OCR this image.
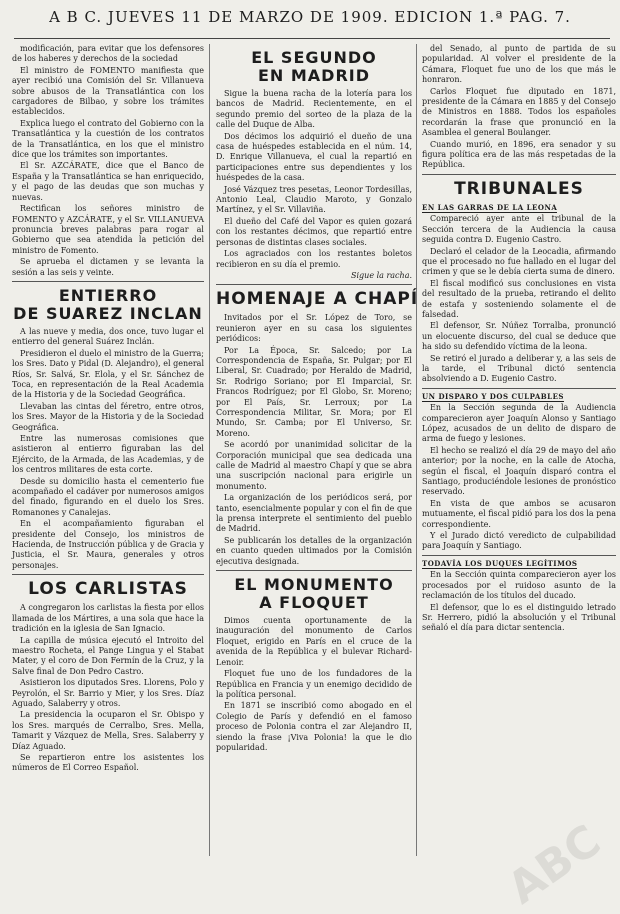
A B C. JUEVES 11 DE MARZO DE 1909. EDICION 1.ª PAG. 7.

modificación, para evitar que los defensores de los haberes y derechos de la sociedad

El ministro de FOMENTO manifiesta que ayer recibió una Comisión del Sr. Villanueva sobre abusos de la Transatlántica con los cargadores de Bilbao, y sobre los trámites establecidos.

Explica luego el contrato del Gobierno con la Transatlántica y la cuestión de los contratos de la Transatlántica, en los que el ministro dice que los trámites son importantes.

El Sr. AZCÁRATE, dice que el Banco de España y la Transatlántica se han enriquecido, y el pago de las deudas que son muchas y nuevas.

Rectifican los señores ministro de FOMENTO y AZCÁRATE, y el Sr. VILLANUEVA pronuncia breves palabras para rogar al Gobierno que sea atendida la petición del ministro de Fomento.

Se aprueba el dictamen y se levanta la sesión a las seis y veinte.

ENTIERRO
DE SUAREZ INCLAN

A las nueve y media, dos once, tuvo lugar el entierro del general Suárez Inclán.

Presidieron el duelo el ministro de la Guerra; los Sres. Dato y Pidal (D. Alejandro), el general Ríos, Sr. Salvá, Sr. Elola, y el Sr. Sánchez de Toca, en representación de la Real Academia de la Historia y de la Sociedad Geográfica.

Llevaban las cintas del féretro, entre otros, los Sres. Mayor de la Historia y de la Sociedad Geográfica.

Entre las numerosas comisiones que asistieron al entierro figuraban las del Ejército, de la Armada, de las Academias, y de los centros militares de esta corte.

Desde su domicilio hasta el cementerio fue acompañado el cadáver por numerosos amigos del finado, figurando en el duelo los Sres. Romanones y Canalejas.

En el acompañamiento figuraban el presidente del Consejo, los ministros de Hacienda, de Instrucción pública y de Gracia y Justicia, el Sr. Maura, generales y otros personajes.

LOS CARLISTAS

A congregaron los carlistas la fiesta por ellos llamada de los Mártires, a una sola que hace la tradición en la iglesia de San Ignacio.

La capilla de música ejecutó el Introito del maestro Rocheta, el Pange Lingua y el Stabat Mater, y el coro de Don Fermín de la Cruz, y la Salve final de Don Pedro Castro.

Asistieron los diputados Sres. Llorens, Polo y Peyrolón, el Sr. Barrio y Mier, y los Sres. Díaz Aguado, Salaberry y otros.

La presidencia la ocuparon el Sr. Obispo y los Sres. marqués de Cerralbo, Sres. Mella, Tamarit y Vázquez de Mella, Sres. Salaberry y Díaz Aguado.

Se repartieron entre los asistentes los números de El Correo Español.

EL SEGUNDO
EN MADRID

Sigue la buena racha de la lotería para los bancos de Madrid. Recientemente, en el segundo premio del sorteo de la plaza de la calle del Duque de Alba.

Dos décimos los adquirió el dueño de una casa de huéspedes establecida en el núm. 14, D. Enrique Villanueva, el cual la repartió en participaciones entre sus dependientes y los huéspedes de la casa.

José Vázquez tres pesetas, Leonor Tordesillas, Antonio Leal, Claudio Maroto, y Gonzalo Martínez, y el Sr. Villaviña.

El dueño del Café del Vapor es quien gozará con los restantes décimos, que repartió entre personas de distintas clases sociales.

Los agraciados con los restantes boletos recibieron en su día el premio.

Sigue la racha.

HOMENAJE A CHAPÍ

Invitados por el Sr. López de Toro, se reunieron ayer en su casa los siguientes periódicos:

Por La Época, Sr. Salcedo; por La Correspondencia de España, Sr. Pulgar; por El Liberal, Sr. Cuadrado; por Heraldo de Madrid, Sr. Rodrigo Soriano; por El Imparcial, Sr. Francos Rodríguez; por El Globo, Sr. Moreno; por El País, Sr. Lerroux; por La Correspondencia Militar, Sr. Mora; por El Mundo, Sr. Camba; por El Universo, Sr. Moreno.

Se acordó por unanimidad solicitar de la Corporación municipal que sea dedicada una calle de Madrid al maestro Chapí y que se abra una suscripción nacional para erigirle un monumento.

La organización de los periódicos será, por tanto, esencialmente popular y con el fin de que la prensa interprete el sentimiento del pueblo de Madrid.

Se publicarán los detalles de la organización en cuanto queden ultimados por la Comisión ejecutiva designada.

EL MONUMENTO
A FLOQUET

Dimos cuenta oportunamente de la inauguración del monumento de Carlos Floquet, erigido en París en el cruce de la avenida de la República y el bulevar Richard-Lenoir.

Floquet fue uno de los fundadores de la República en Francia y un enemigo decidido de la política personal.

En 1871 se inscribió como abogado en el Colegio de París y defendió en el famoso proceso de Polonia contra el zar Alejandro II, siendo la frase ¡Viva Polonia! la que le dio popularidad.

del Senado, al punto de partida de su popularidad. Al volver el presidente de la Cámara, Floquet fue uno de los que más le honraron.

Carlos Floquet fue diputado en 1871, presidente de la Cámara en 1885 y del Consejo de Ministros en 1888. Todos los españoles recordarán la frase que pronunció en la Asamblea el general Boulanger.

Cuando murió, en 1896, era senador y su figura política era de las más respetadas de la República.

TRIBUNALES

EN LAS GARRAS DE LA LEONA

Compareció ayer ante el tribunal de la Sección tercera de la Audiencia la causa seguida contra D. Eugenio Castro.

Declaró el celador de la Leocadia, afirmando que el procesado no fue hallado en el lugar del crimen y que se le debía cierta suma de dinero.

El fiscal modificó sus conclusiones en vista del resultado de la prueba, retirando el delito de estafa y sosteniendo solamente el de falsedad.

El defensor, Sr. Núñez Torralba, pronunció un elocuente discurso, del cual se deduce que ha sido su defendido víctima de la leona.

Se retiró el jurado a deliberar y, a las seis de la tarde, el Tribunal dictó sentencia absolviendo a D. Eugenio Castro.

UN DISPARO Y DOS CULPABLES

En la Sección segunda de la Audiencia comparecieron ayer Joaquín Alonso y Santiago López, acusados de un delito de disparo de arma de fuego y lesiones.

El hecho se realizó el día 29 de mayo del año anterior; por la noche, en la calle de Atocha, según el fiscal, el Joaquín disparó contra el Santiago, produciéndole lesiones de pronóstico reservado.

En vista de que ambos se acusaron mutuamente, el fiscal pidió para los dos la pena correspondiente.

Y el Jurado dictó veredicto de culpabilidad para Joaquín y Santiago.

TODAVÍA LOS DUQUES LEGÍTIMOS

En la Sección quinta comparecieron ayer los procesados por el ruidoso asunto de la reclamación de los títulos del ducado.

El defensor, que lo es el distinguido letrado Sr. Herrero, pidió la absolución y el Tribunal señaló el día para dictar sentencia.

ABC
